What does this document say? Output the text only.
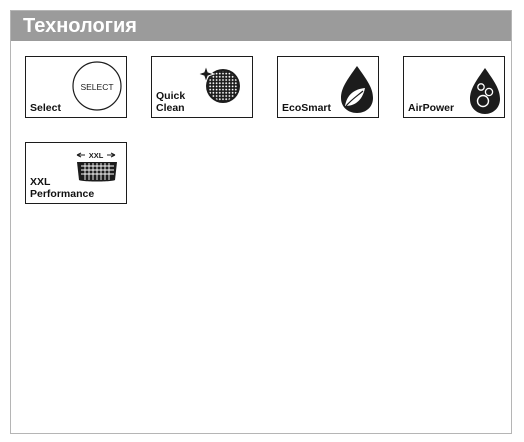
Технология
SELECT
Select
Quick
Clean	EcoSmart	AirPower
XXL
XXL
Performance
